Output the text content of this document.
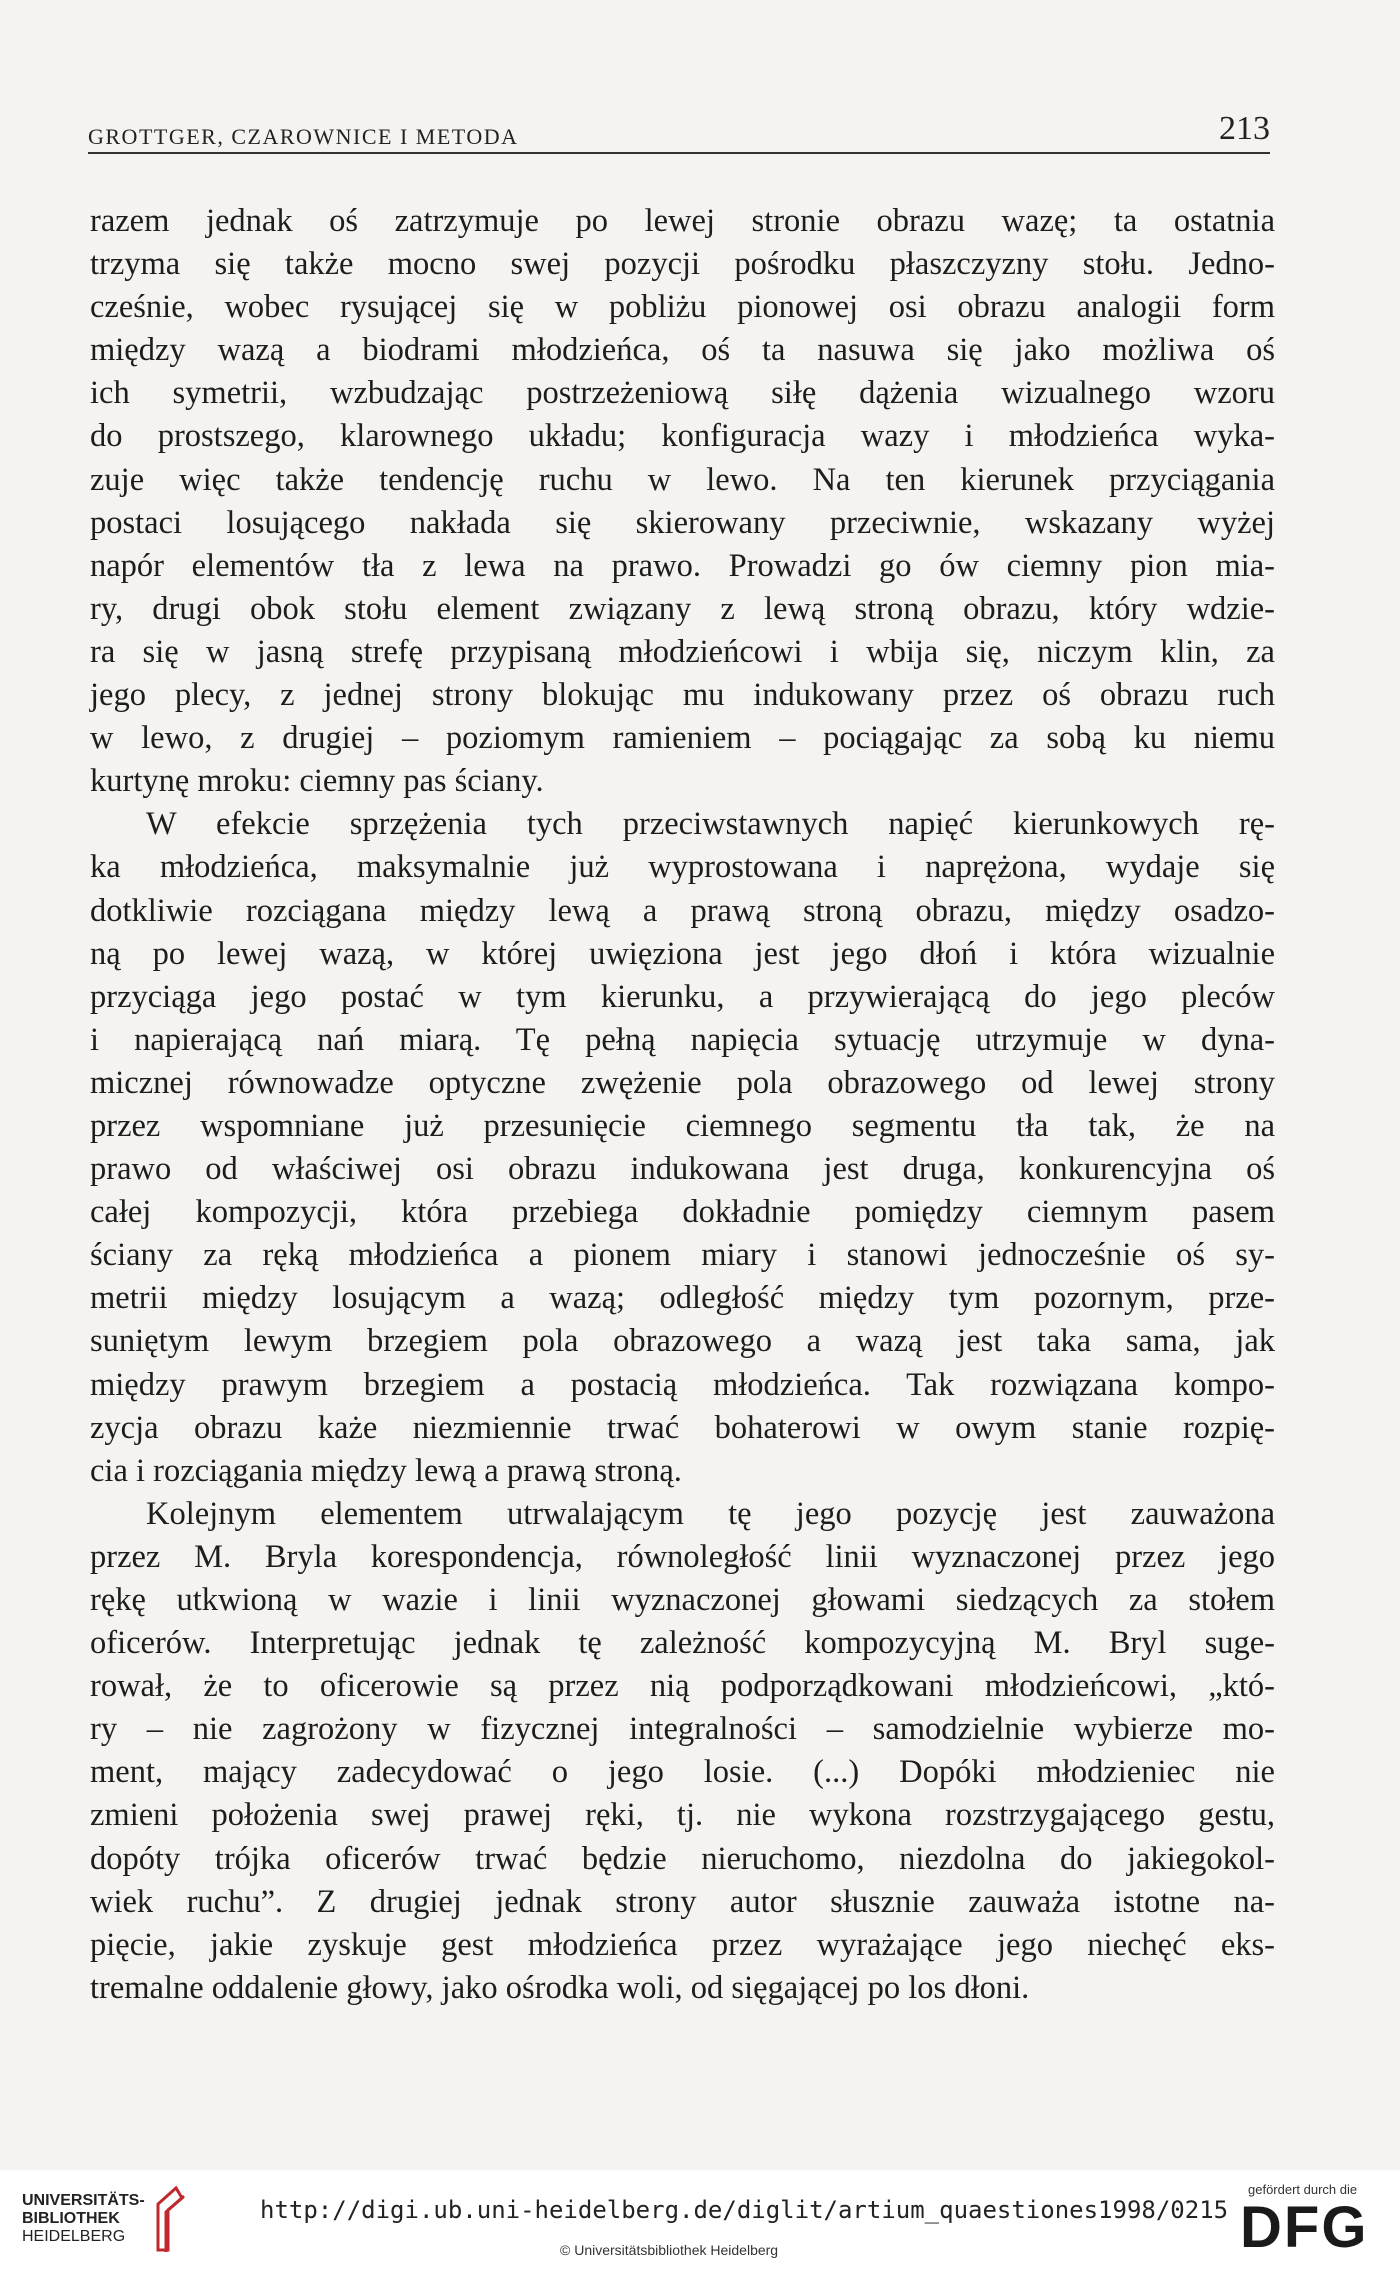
GROTTGER, CZAROWNICE I METODA	213
razem jednak oś zatrzymuje po lewej stronie obrazu wazę; ta ostatnia
trzyma się także mocno swej pozycji pośrodku płaszczyzny stołu. Jedno-
cześnie, wobec rysującej się w pobliżu pionowej osi obrazu analogii form
między wazą a biodrami młodzieńca, oś ta nasuwa się jako możliwa oś
ich symetrii, wzbudzając postrzeżeniową siłę dążenia wizualnego wzoru
do prostszego, klarownego układu; konfiguracja wazy i młodzieńca wyka-
zuje więc także tendencję ruchu w lewo. Na ten kierunek przyciągania
postaci losującego nakłada się skierowany przeciwnie, wskazany wyżej
napór elementów tła z lewa na prawo. Prowadzi go ów ciemny pion mia-
ry, drugi obok stołu element związany z lewą stroną obrazu, który wdzie-
ra się w jasną strefę przypisaną młodzieńcowi i wbija się, niczym klin, za
jego plecy, z jednej strony blokując mu indukowany przez oś obrazu ruch
w lewo, z drugiej – poziomym ramieniem – pociągając za sobą ku niemu
kurtynę mroku: ciemny pas ściany.
W efekcie sprzężenia tych przeciwstawnych napięć kierunkowych rę-
ka młodzieńca, maksymalnie już wyprostowana i naprężona, wydaje się
dotkliwie rozciągana między lewą a prawą stroną obrazu, między osadzo-
ną po lewej wazą, w której uwięziona jest jego dłoń i która wizualnie
przyciąga jego postać w tym kierunku, a przywierającą do jego pleców
i napierającą nań miarą. Tę pełną napięcia sytuację utrzymuje w dyna-
micznej równowadze optyczne zwężenie pola obrazowego od lewej strony
przez wspomniane już przesunięcie ciemnego segmentu tła tak, że na
prawo od właściwej osi obrazu indukowana jest druga, konkurencyjna oś
całej kompozycji, która przebiega dokładnie pomiędzy ciemnym pasem
ściany za ręką młodzieńca a pionem miary i stanowi jednocześnie oś sy-
metrii między losującym a wazą; odległość między tym pozornym, prze-
suniętym lewym brzegiem pola obrazowego a wazą jest taka sama, jak
między prawym brzegiem a postacią młodzieńca. Tak rozwiązana kompo-
zycja obrazu każe niezmiennie trwać bohaterowi w owym stanie rozpię-
cia i rozciągania między lewą a prawą stroną.
Kolejnym elementem utrwalającym tę jego pozycję jest zauważona
przez M. Bryla korespondencja, równoległość linii wyznaczonej przez jego
rękę utkwioną w wazie i linii wyznaczonej głowami siedzących za stołem
oficerów. Interpretując jednak tę zależność kompozycyjną M. Bryl suge-
rował, że to oficerowie są przez nią podporządkowani młodzieńcowi, „któ-
ry – nie zagrożony w fizycznej integralności – samodzielnie wybierze mo-
ment, mający zadecydować o jego losie. (...) Dopóki młodzieniec nie
zmieni położenia swej prawej ręki, tj. nie wykona rozstrzygającego gestu,
dopóty trójka oficerów trwać będzie nieruchomo, niezdolna do jakiegokol-
wiek ruchu”. Z drugiej jednak strony autor słusznie zauważa istotne na-
pięcie, jakie zyskuje gest młodzieńca przez wyrażające jego niechęć eks-
tremalne oddalenie głowy, jako ośrodka woli, od sięgającej po los dłoni.
UNIVERSITÄTS-
BIBLIOTHEK
HEIDELBERG
http://digi.ub.uni-heidelberg.de/diglit/artium_quaestiones1998/0215
© Universitätsbibliothek Heidelberg
gefördert durch die
DFG
